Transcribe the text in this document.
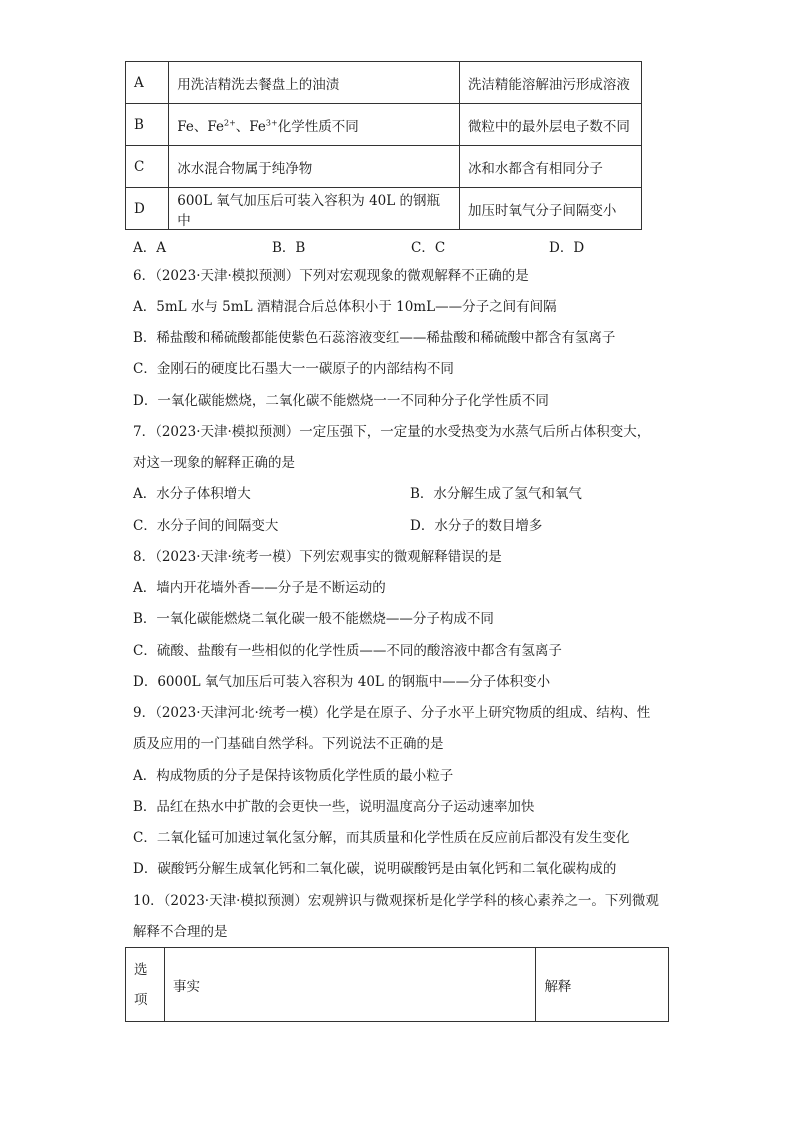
A	用洗洁精洗去餐盘上的油渍	洗洁精能溶解油污形成溶液
B	Fe、$Fe^{2+}$、$Fe^{3+}$化学性质不同	微粒中的最外层电子数不同
C	冰水混合物属于纯净物	冰和水都含有相同分子
D	600L 氧气加压后可装入容积为 40L 的钢瓶中	加压时氧气分子间隔变小
A．A	B．B	C．C	D．D
6．（2023·天津·模拟预测）下列对宏观现象的微观解释不正确的是
A．5mL 水与 5mL 酒精混合后总体积小于 10mL——分子之间有间隔
B．稀盐酸和稀硫酸都能使紫色石蕊溶液变红——稀盐酸和稀硫酸中都含有氢离子
C．金刚石的硬度比石墨大一一碳原子的内部结构不同
D．一氧化碳能燃烧，二氧化碳不能燃烧一一不同种分子化学性质不同
7．（2023·天津·模拟预测）一定压强下，一定量的水受热变为水蒸气后所占体积变大，
对这一现象的解释正确的是
A．水分子体积增大	B．水分解生成了氢气和氧气
C．水分子间的间隔变大	D．水分子的数目增多
8．（2023·天津·统考一模）下列宏观事实的微观解释错误的是
A．墙内开花墙外香——分子是不断运动的
B．一氧化碳能燃烧二氧化碳一般不能燃烧——分子构成不同
C．硫酸、盐酸有一些相似的化学性质——不同的酸溶液中都含有氢离子
D．6000L 氧气加压后可装入容积为 40L 的钢瓶中——分子体积变小
9．（2023·天津河北·统考一模）化学是在原子、分子水平上研究物质的组成、结构、性
质及应用的一门基础自然学科。下列说法不正确的是
A．构成物质的分子是保持该物质化学性质的最小粒子
B．品红在热水中扩散的会更快一些，说明温度高分子运动速率加快
C．二氧化锰可加速过氧化氢分解，而其质量和化学性质在反应前后都没有发生变化
D．碳酸钙分解生成氧化钙和二氧化碳，说明碳酸钙是由氧化钙和二氧化碳构成的
10．（2023·天津·模拟预测）宏观辨识与微观探析是化学学科的核心素养之一。下列微观
解释不合理的是
选
项	事实	解释
